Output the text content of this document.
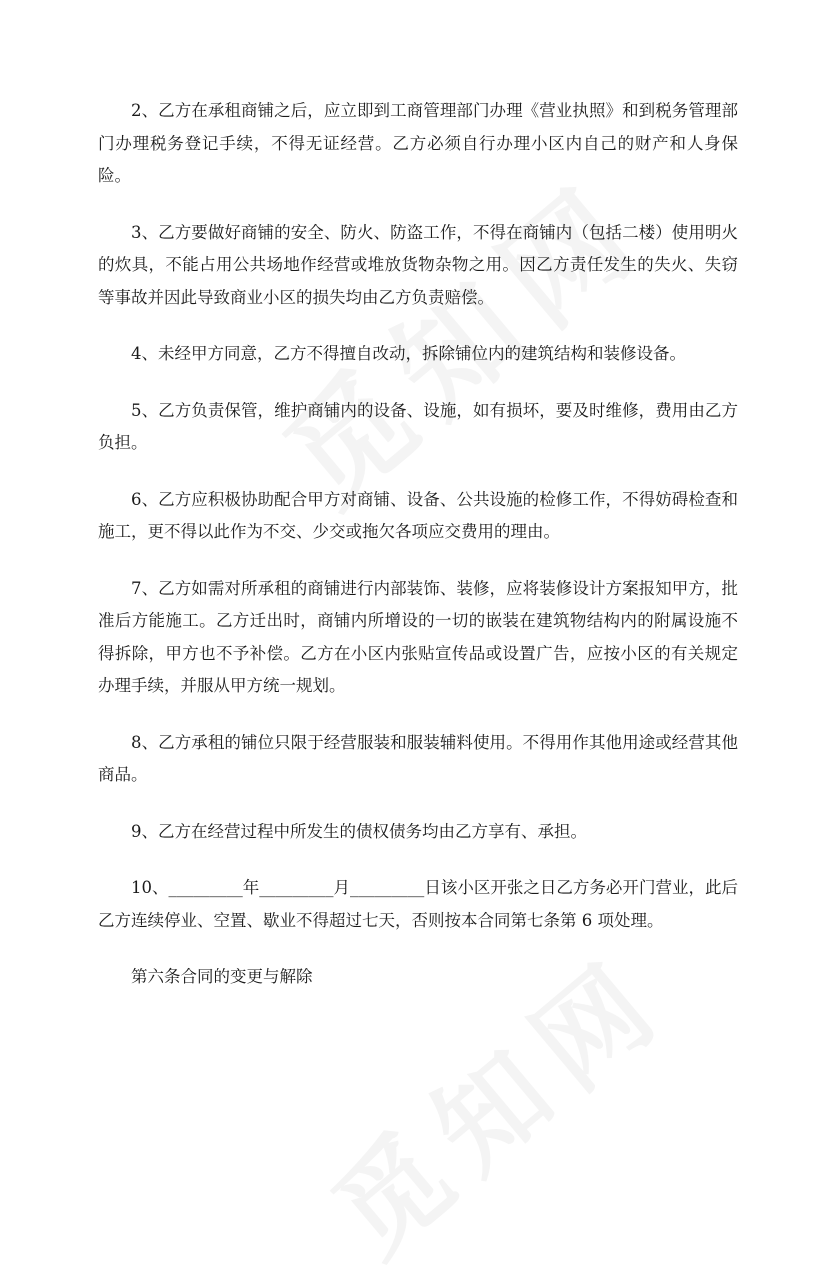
2、乙方在承租商铺之后，应立即到工商管理部门办理《营业执照》和到税务管理部门办理税务登记手续，不得无证经营。乙方必须自行办理小区内自己的财产和人身保险。

3、乙方要做好商铺的安全、防火、防盗工作，不得在商铺内（包括二楼）使用明火的炊具，不能占用公共场地作经营或堆放货物杂物之用。因乙方责任发生的失火、失窃等事故并因此导致商业小区的损失均由乙方负责赔偿。

4、未经甲方同意，乙方不得擅自改动，拆除铺位内的建筑结构和装修设备。

5、乙方负责保管，维护商铺内的设备、设施，如有损坏，要及时维修，费用由乙方负担。

6、乙方应积极协助配合甲方对商铺、设备、公共设施的检修工作，不得妨碍检查和施工，更不得以此作为不交、少交或拖欠各项应交费用的理由。

7、乙方如需对所承租的商铺进行内部装饰、装修，应将装修设计方案报知甲方，批准后方能施工。乙方迁出时，商铺内所增设的一切的嵌装在建筑物结构内的附属设施不得拆除，甲方也不予补偿。乙方在小区内张贴宣传品或设置广告，应按小区的有关规定办理手续，并服从甲方统一规划。

8、乙方承租的铺位只限于经营服装和服装辅料使用。不得用作其他用途或经营其他商品。

9、乙方在经营过程中所发生的债权债务均由乙方享有、承担。

10、_________年_________月_________日该小区开张之日乙方务必开门营业，此后乙方连续停业、空置、歇业不得超过七天，否则按本合同第七条第 6 项处理。

第六条合同的变更与解除
